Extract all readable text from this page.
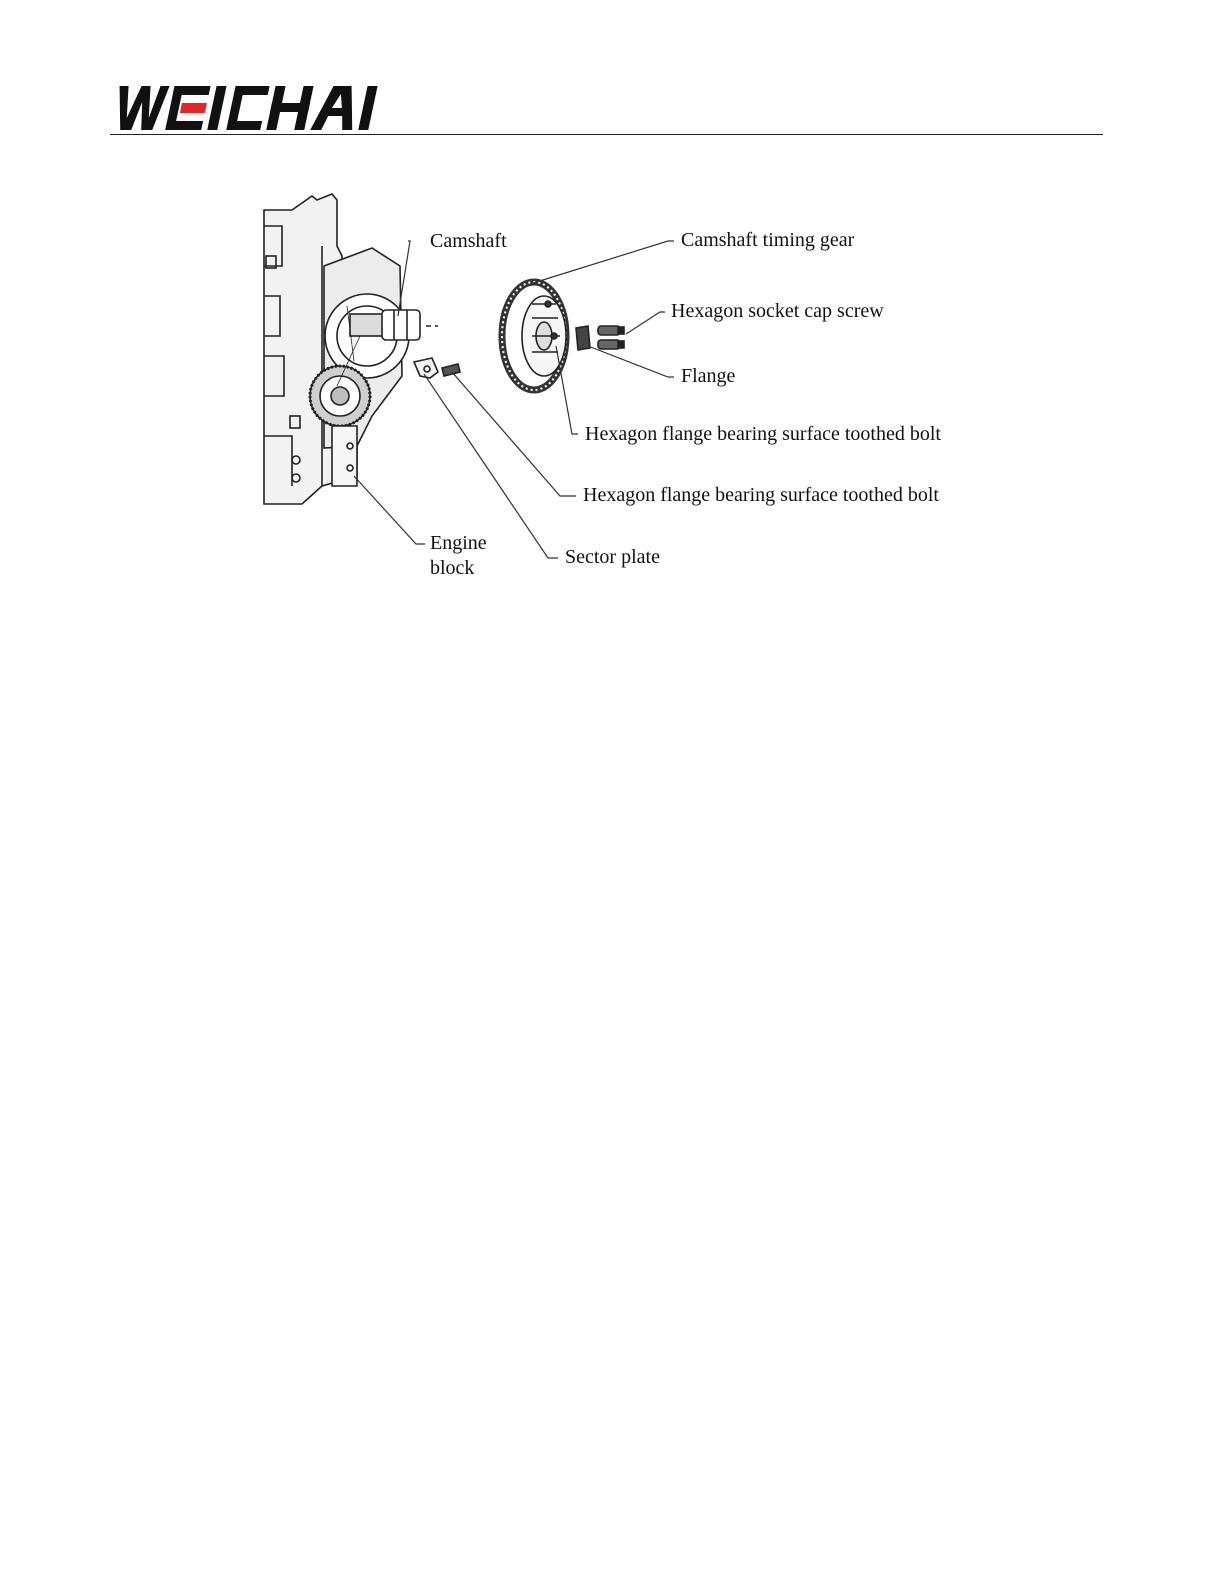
Camshaft	Camshaft timing gear
Hexagon socket cap screw
Flange
Hexagon flange bearing surface toothed bolt
Hexagon flange bearing surface toothed bolt
Engine
block	Sector plate
